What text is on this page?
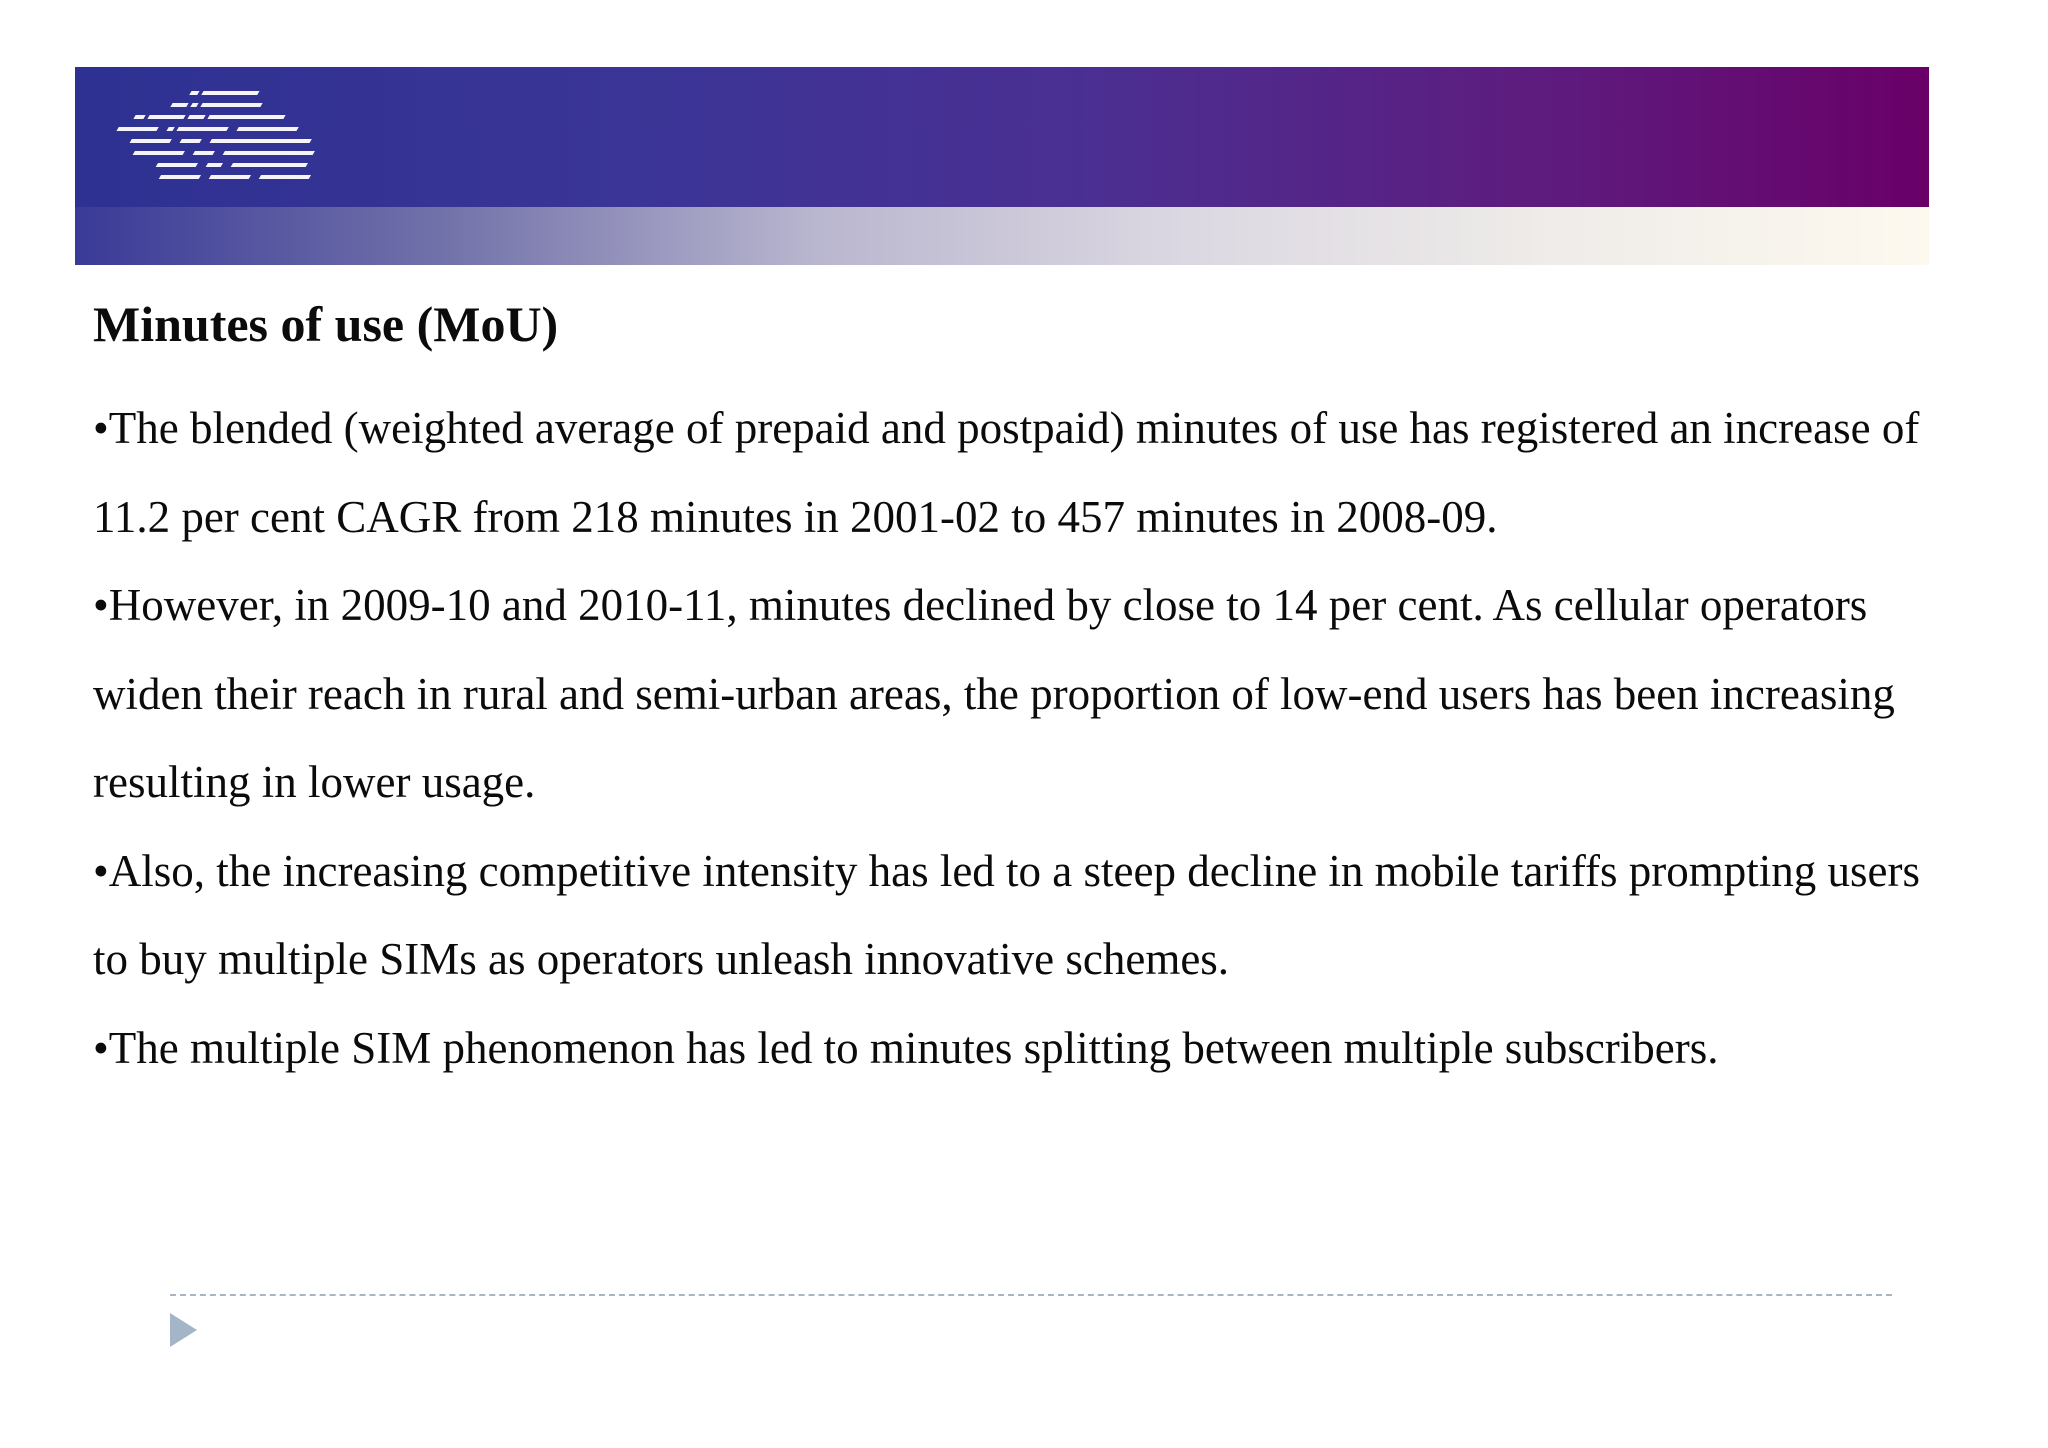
Minutes of use (MoU)
•The blended (weighted average of prepaid and postpaid) minutes of use has registered an increase of 11.2 per cent CAGR from 218 minutes in 2001-02 to 457 minutes in 2008-09.
•However, in 2009-10 and 2010-11, minutes declined by close to 14 per cent. As cellular operators widen their reach in rural and semi-urban areas, the proportion of low-end users has been increasing resulting in lower usage.
•Also, the increasing competitive intensity has led to a steep decline in mobile tariffs prompting users to buy multiple SIMs as operators unleash innovative schemes.
•The multiple SIM phenomenon has led to minutes splitting between multiple subscribers.
